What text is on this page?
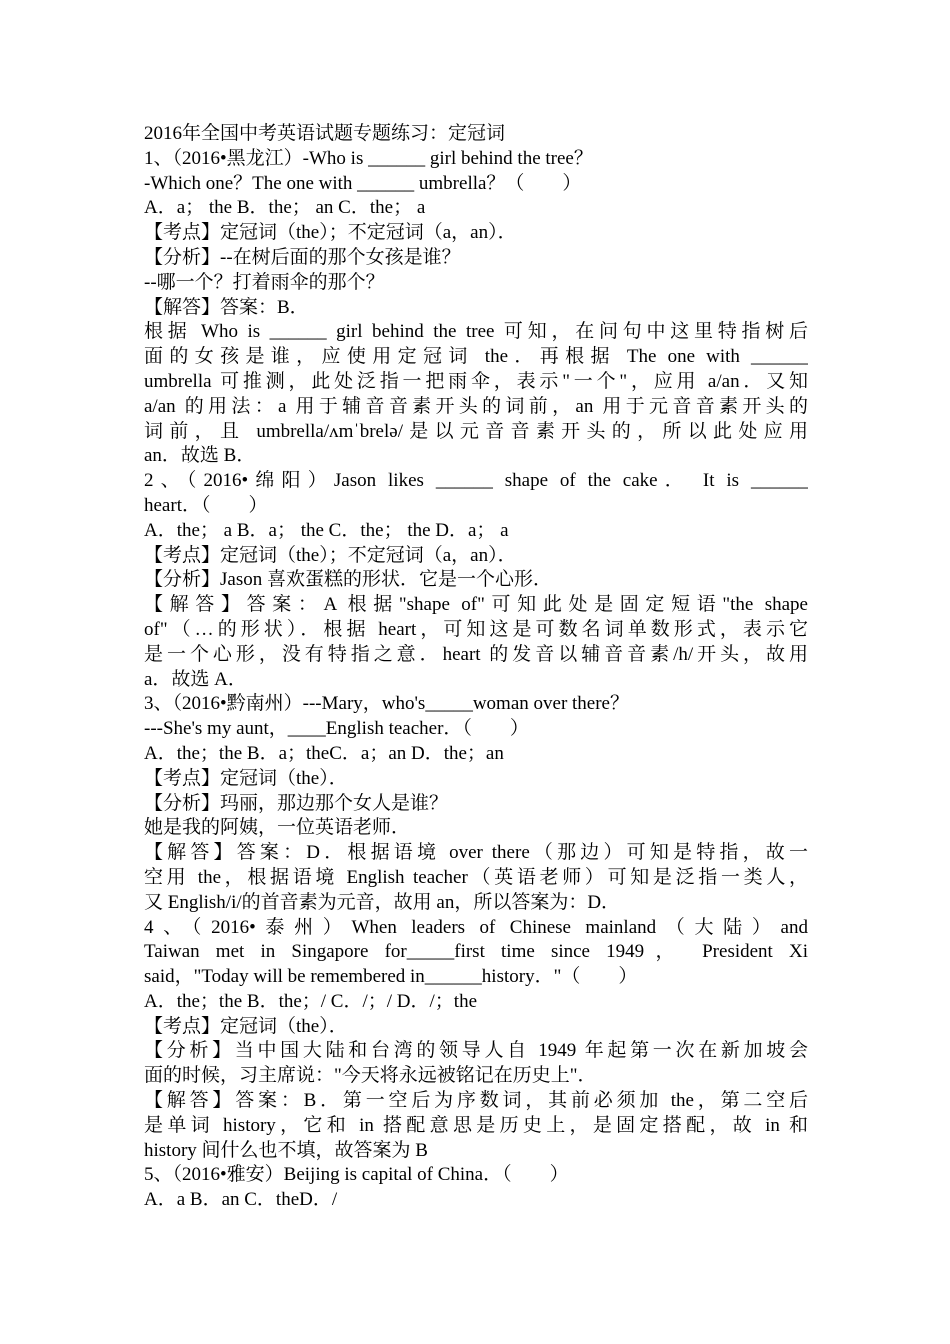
2016年全国中考英语试题专题练习：定冠词
1、（2016•黑龙江）-Who is ______ girl behind the tree？
-Which one？The one with ______ umbrella？（　　）
A．a； the B．the； an C．the； a
【考点】定冠词（the）；不定冠词（a，an）．
【分析】--在树后面的那个女孩是谁？
--哪一个？打着雨伞的那个？
【解答】答案：B．
根据 Who is ______ girl behind the tree 可知，在问句中这里特指树后
面的女孩是谁，应使用定冠词 the．再根据 The one with ______
umbrella 可推测，此处泛指一把雨伞，表示"一个"，应用 a/an．又知
a/an 的用法：a 用于辅音音素开头的词前，an 用于元音音素开头的
词前，且 umbrella/ʌmˈbrelə/是以元音音素开头的，所以此处应用
an．故选 B．
2、（2016•绵阳）Jason likes ______ shape of the cake． It is ______
heart．（　　）
A．the； a B．a； the C．the； the D．a； a
【考点】定冠词（the）；不定冠词（a，an）．
【分析】Jason 喜欢蛋糕的形状．它是一个心形．
【解答】答案：A 根据"shape of"可知此处是固定短语"the shape
of"（…的形状）．根据 heart，可知这是可数名词单数形式，表示它
是一个心形，没有特指之意．heart 的发音以辅音音素/h/开头，故用
a．故选 A．
3、（2016•黔南州）---Mary，who's_____woman over there？
---She's my aunt，____English teacher．（　　）
A．the；the B．a；theC．a；an D．the；an
【考点】定冠词（the）．
【分析】玛丽，那边那个女人是谁？
她是我的阿姨，一位英语老师．
【解答】答案：D．根据语境 over there（那边）可知是特指，故一
空用 the，根据语境 English teacher（英语老师）可知是泛指一类人，
又 English/i/的首音素为元音，故用 an，所以答案为：D．
4、（2016•泰州）When leaders of Chinese mainland（大陆）and
Taiwan met in Singapore for_____first time since 1949， President Xi
said，"Today will be remembered in______history．"（　　）
A．the；the B．the；/ C．/；/ D．/；the
【考点】定冠词（the）．
【分析】当中国大陆和台湾的领导人自 1949 年起第一次在新加坡会
面的时候，习主席说："今天将永远被铭记在历史上"．
【解答】答案：B．第一空后为序数词，其前必须加 the，第二空后
是单词 history，它和 in 搭配意思是历史上，是固定搭配，故 in 和
history 间什么也不填，故答案为 B
5、（2016•雅安）Beijing is capital of China．（　　）
A．a B．an C．theD．/
